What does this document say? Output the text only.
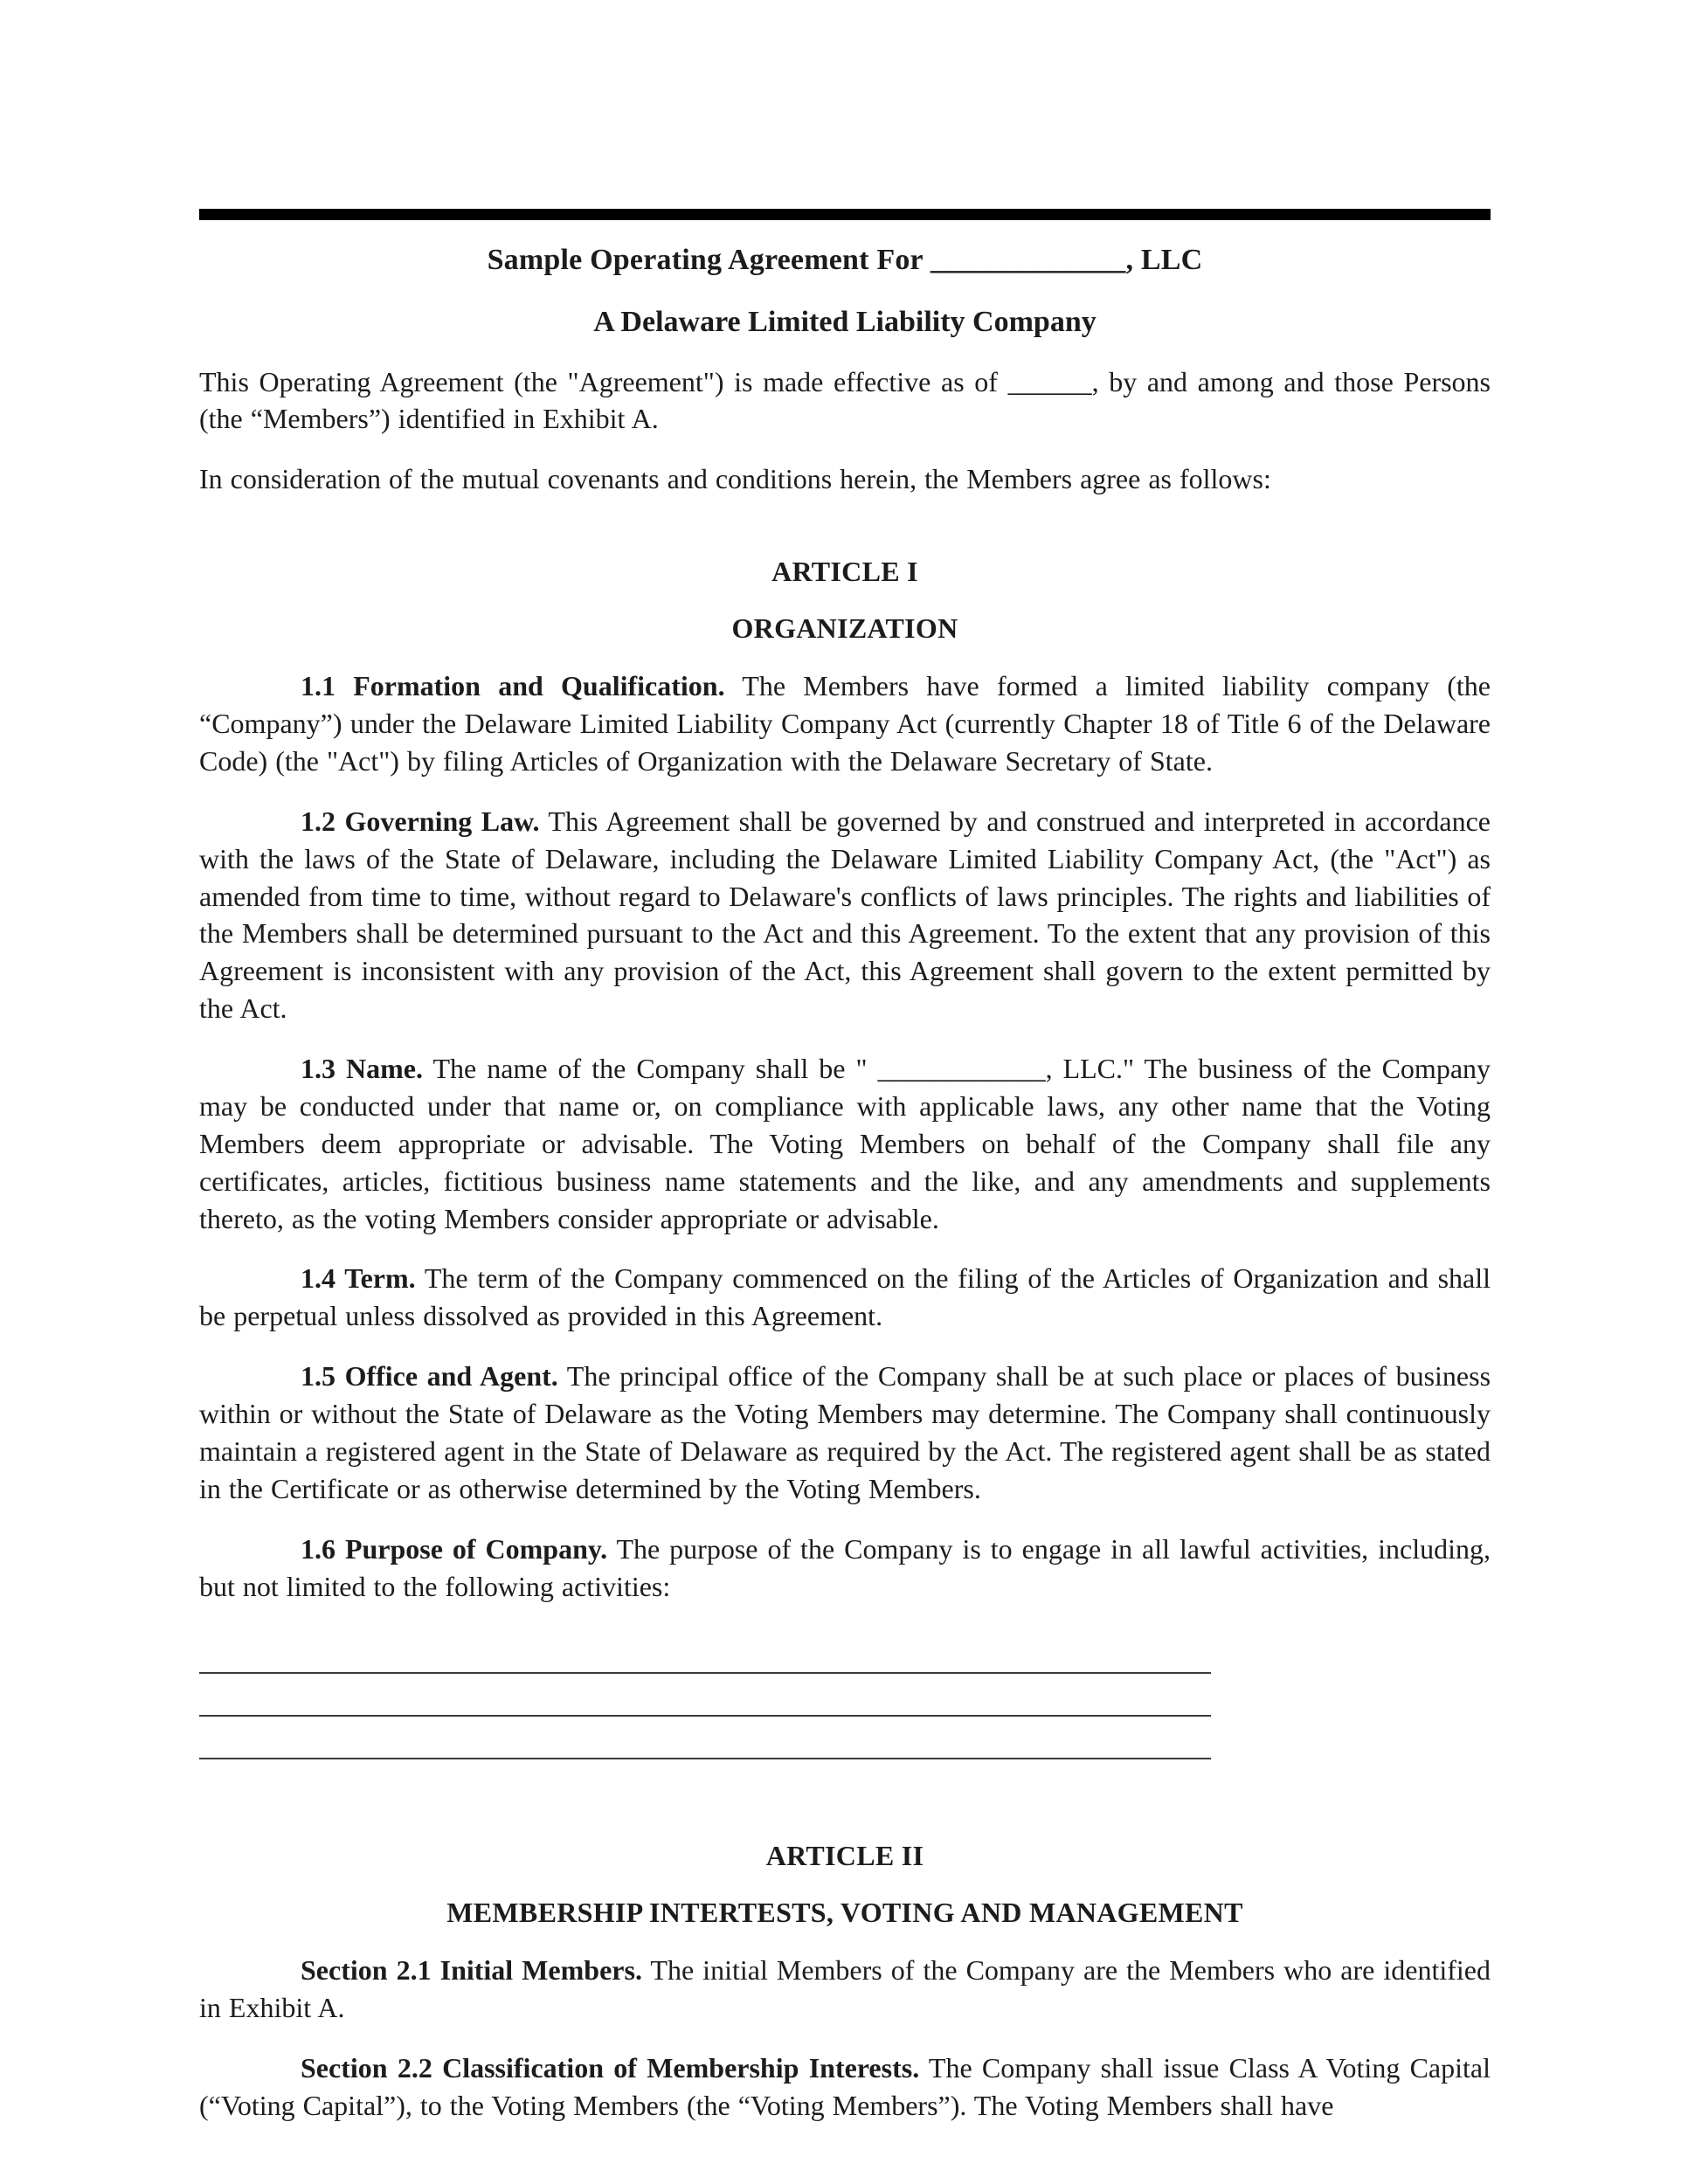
Sample Operating Agreement For _____________, LLC
A Delaware Limited Liability Company

This Operating Agreement (the "Agreement") is made effective as of ______, by and among and those Persons (the “Members”) identified in Exhibit A.

In consideration of the mutual covenants and conditions herein, the Members agree as follows:

ARTICLE I
ORGANIZATION

1.1 Formation and Qualification. The Members have formed a limited liability company (the “Company”) under the Delaware Limited Liability Company Act (currently Chapter 18 of Title 6 of the Delaware Code) (the "Act") by filing Articles of Organization with the Delaware Secretary of State.

1.2 Governing Law. This Agreement shall be governed by and construed and interpreted in accordance with the laws of the State of Delaware, including the Delaware Limited Liability Company Act, (the "Act") as amended from time to time, without regard to Delaware's conflicts of laws principles. The rights and liabilities of the Members shall be determined pursuant to the Act and this Agreement. To the extent that any provision of this Agreement is inconsistent with any provision of the Act, this Agreement shall govern to the extent permitted by the Act.

1.3 Name. The name of the Company shall be " ____________, LLC." The business of the Company may be conducted under that name or, on compliance with applicable laws, any other name that the Voting Members deem appropriate or advisable. The Voting Members on behalf of the Company shall file any certificates, articles, fictitious business name statements and the like, and any amendments and supplements thereto, as the voting Members consider appropriate or advisable.

1.4 Term. The term of the Company commenced on the filing of the Articles of Organization and shall be perpetual unless dissolved as provided in this Agreement.

1.5 Office and Agent. The principal office of the Company shall be at such place or places of business within or without the State of Delaware as the Voting Members may determine. The Company shall continuously maintain a registered agent in the State of Delaware as required by the Act. The registered agent shall be as stated in the Certificate or as otherwise determined by the Voting Members.

1.6 Purpose of Company. The purpose of the Company is to engage in all lawful activities, including, but not limited to the following activities:

ARTICLE II
MEMBERSHIP INTERTESTS, VOTING AND MANAGEMENT

Section 2.1 Initial Members. The initial Members of the Company are the Members who are identified in Exhibit A.

Section 2.2 Classification of Membership Interests. The Company shall issue Class A Voting Capital (“Voting Capital”), to the Voting Members (the “Voting Members”). The Voting Members shall have
